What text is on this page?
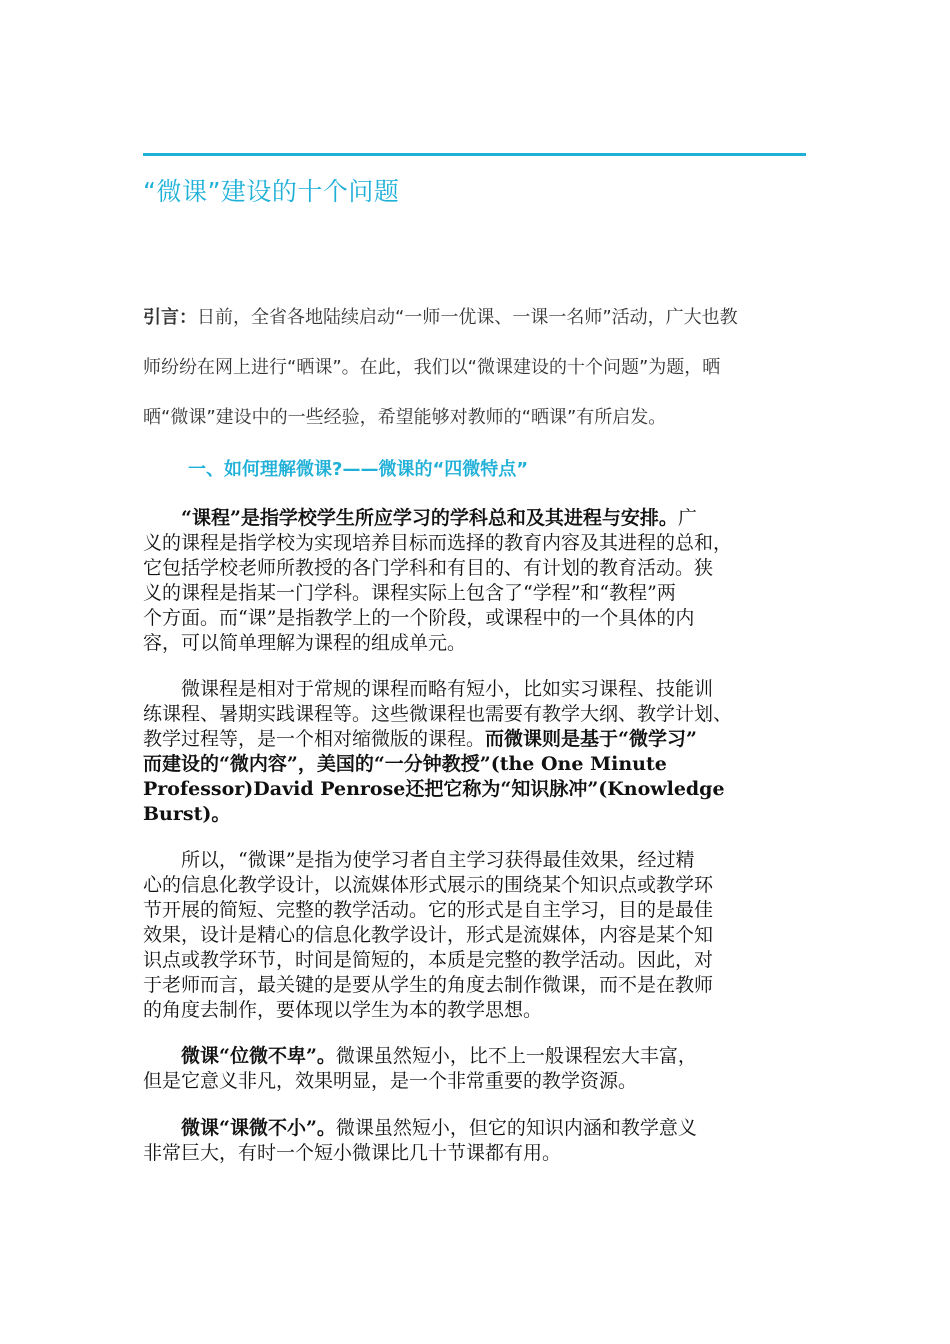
“微课”建设的十个问题
引言：日前，全省各地陆续启动“一师一优课、一课一名师”活动，广大也教
师纷纷在网上进行“晒课”。在此，我们以“微课建设的十个问题”为题，晒
晒“微课”建设中的一些经验，希望能够对教师的“晒课”有所启发。
一、如何理解微课?——微课的“四微特点”
　　“课程”是指学校学生所应学习的学科总和及其进程与安排。广
义的课程是指学校为实现培养目标而选择的教育内容及其进程的总和，
它包括学校老师所教授的各门学科和有目的、有计划的教育活动。狭
义的课程是指某一门学科。课程实际上包含了“学程”和“教程”两
个方面。而“课”是指教学上的一个阶段，或课程中的一个具体的内
容，可以简单理解为课程的组成单元。
　　微课程是相对于常规的课程而略有短小，比如实习课程、技能训
练课程、暑期实践课程等。这些微课程也需要有教学大纲、教学计划、
教学过程等，是一个相对缩微版的课程。而微课则是基于“微学习”
而建设的“微内容”，美国的“一分钟教授”(the One Minute
Professor)David Penrose还把它称为“知识脉冲”(Knowledge
Burst)。
　　所以，“微课”是指为使学习者自主学习获得最佳效果，经过精
心的信息化教学设计，以流媒体形式展示的围绕某个知识点或教学环
节开展的简短、完整的教学活动。它的形式是自主学习，目的是最佳
效果，设计是精心的信息化教学设计，形式是流媒体，内容是某个知
识点或教学环节，时间是简短的，本质是完整的教学活动。因此，对
于老师而言，最关键的是要从学生的角度去制作微课，而不是在教师
的角度去制作，要体现以学生为本的教学思想。
　　微课“位微不卑”。微课虽然短小，比不上一般课程宏大丰富，
但是它意义非凡，效果明显，是一个非常重要的教学资源。
　　微课“课微不小”。微课虽然短小，但它的知识内涵和教学意义
非常巨大，有时一个短小微课比几十节课都有用。
